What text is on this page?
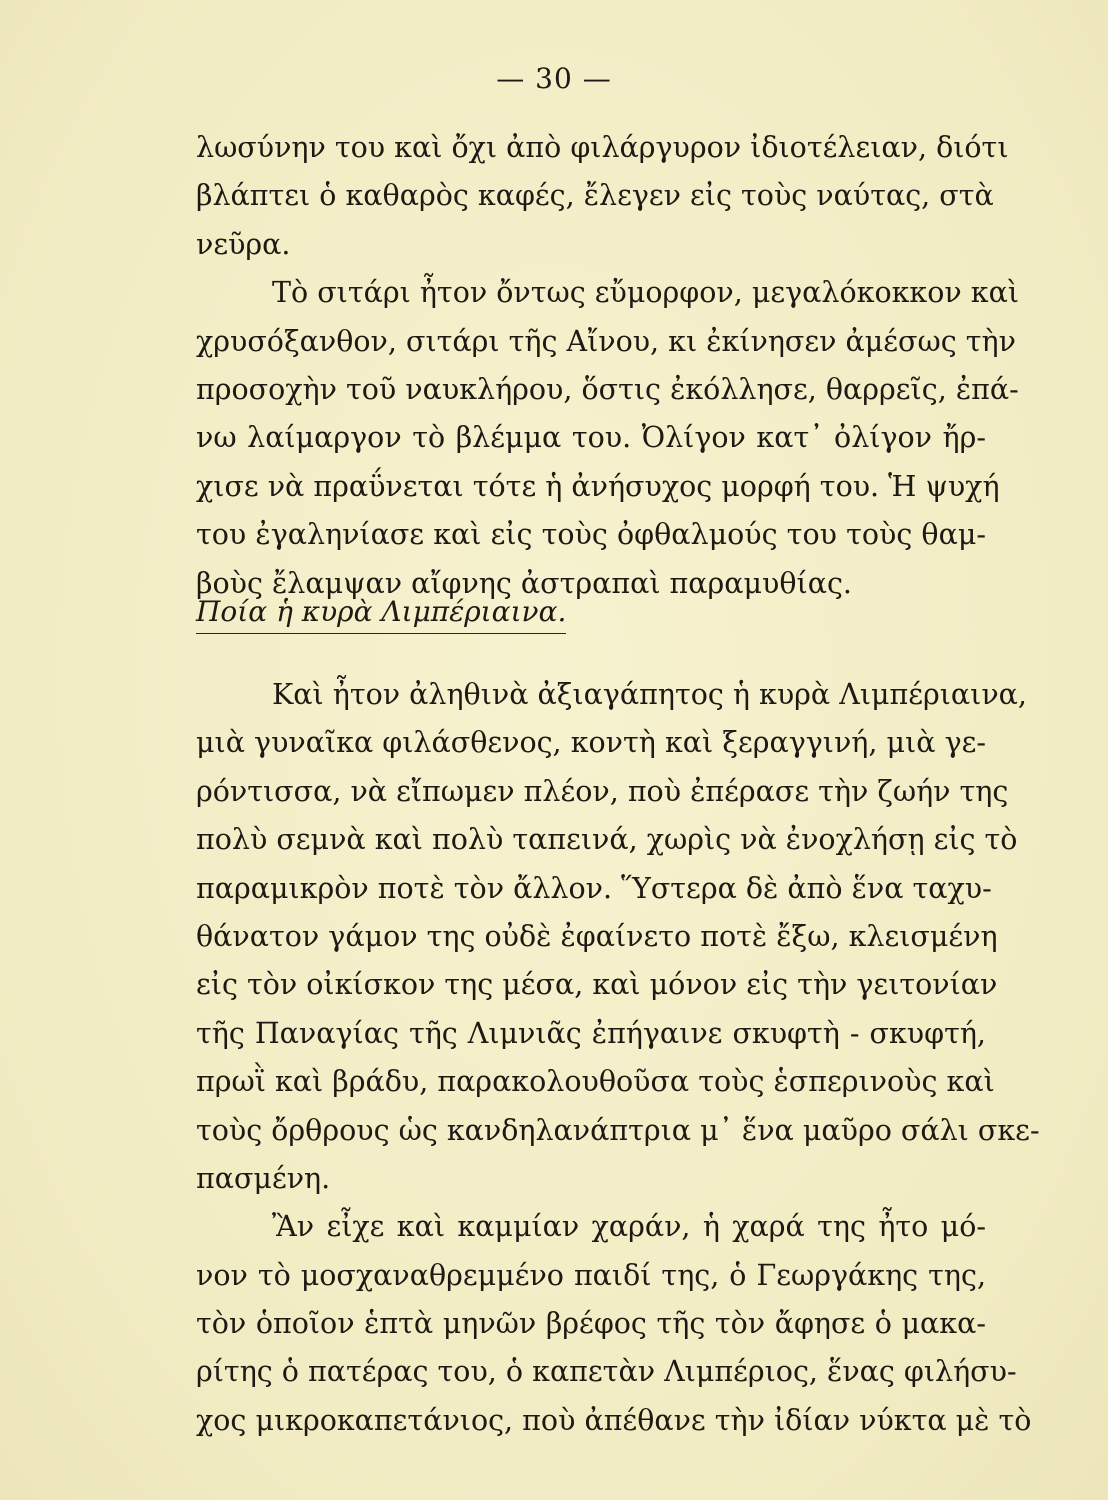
— 30 —
λωσύνην του καὶ ὄχι ἀπὸ φιλάργυρον ἰδιοτέλειαν, διότι
βλάπτει ὁ καθαρὸς καφές, ἔλεγεν εἰς τοὺς ναύτας, στὰ
νεῦρα.
Τὸ σιτάρι ἦτον ὄντως εὔμορφον, μεγαλόκοκκον καὶ
χρυσόξανθον, σιτάρι τῆς Αἴνου, κι ἐκίνησεν ἀμέσως τὴν
προσοχὴν τοῦ ναυκλήρου, ὅστις ἐκόλλησε, θαρρεῖς, ἐπά-
νω λαίμαργον τὸ βλέμμα του. Ὀλίγον κατ᾽ ὀλίγον ἤρ-
χισε νὰ πραΰνεται τότε ἡ ἀνήσυχος μορφή του. Ἡ ψυχή
του ἐγαληνίασε καὶ εἰς τοὺς ὀφθαλμούς του τοὺς θαμ-
βοὺς ἔλαμψαν αἴφνης ἀστραπαὶ παραμυθίας.
Ποία ἡ κυρὰ Λιμπέριαινα.
Καὶ ἦτον ἀληθινὰ ἀξιαγάπητος ἡ κυρὰ Λιμπέριαινα,
μιὰ γυναῖκα φιλάσθενος, κοντὴ καὶ ξεραγγινή, μιὰ γε-
ρόντισσα, νὰ εἴπωμεν πλέον, ποὺ ἐπέρασε τὴν ζωήν της
πολὺ σεμνὰ καὶ πολὺ ταπεινά, χωρὶς νὰ ἐνοχλήσῃ εἰς τὸ
παραμικρὸν ποτὲ τὸν ἄλλον. Ὕστερα δὲ ἀπὸ ἕνα ταχυ-
θάνατον γάμον της οὐδὲ ἐφαίνετο ποτὲ ἔξω, κλεισμένη
εἰς τὸν οἰκίσκον της μέσα, καὶ μόνον εἰς τὴν γειτονίαν
τῆς Παναγίας τῆς Λιμνιᾶς ἐπήγαινε σκυφτὴ - σκυφτή,
πρωῒ καὶ βράδυ, παρακολουθοῦσα τοὺς ἑσπερινοὺς καὶ
τοὺς ὄρθρους ὡς κανδηλανάπτρια μ᾽ ἕνα μαῦρο σάλι σκε-
πασμένη.
Ἂν εἶχε καὶ καμμίαν χαράν, ἡ χαρά της ἦτο μό-
νον τὸ μοσχαναθρεμμένο παιδί της, ὁ Γεωργάκης της,
τὸν ὁποῖον ἑπτὰ μηνῶν βρέφος τῆς τὸν ἄφησε ὁ μακα-
ρίτης ὁ πατέρας του, ὁ καπετὰν Λιμπέριος, ἕνας φιλήσυ-
χος μικροκαπετάνιος, ποὺ ἀπέθανε τὴν ἰδίαν νύκτα μὲ τὸ
